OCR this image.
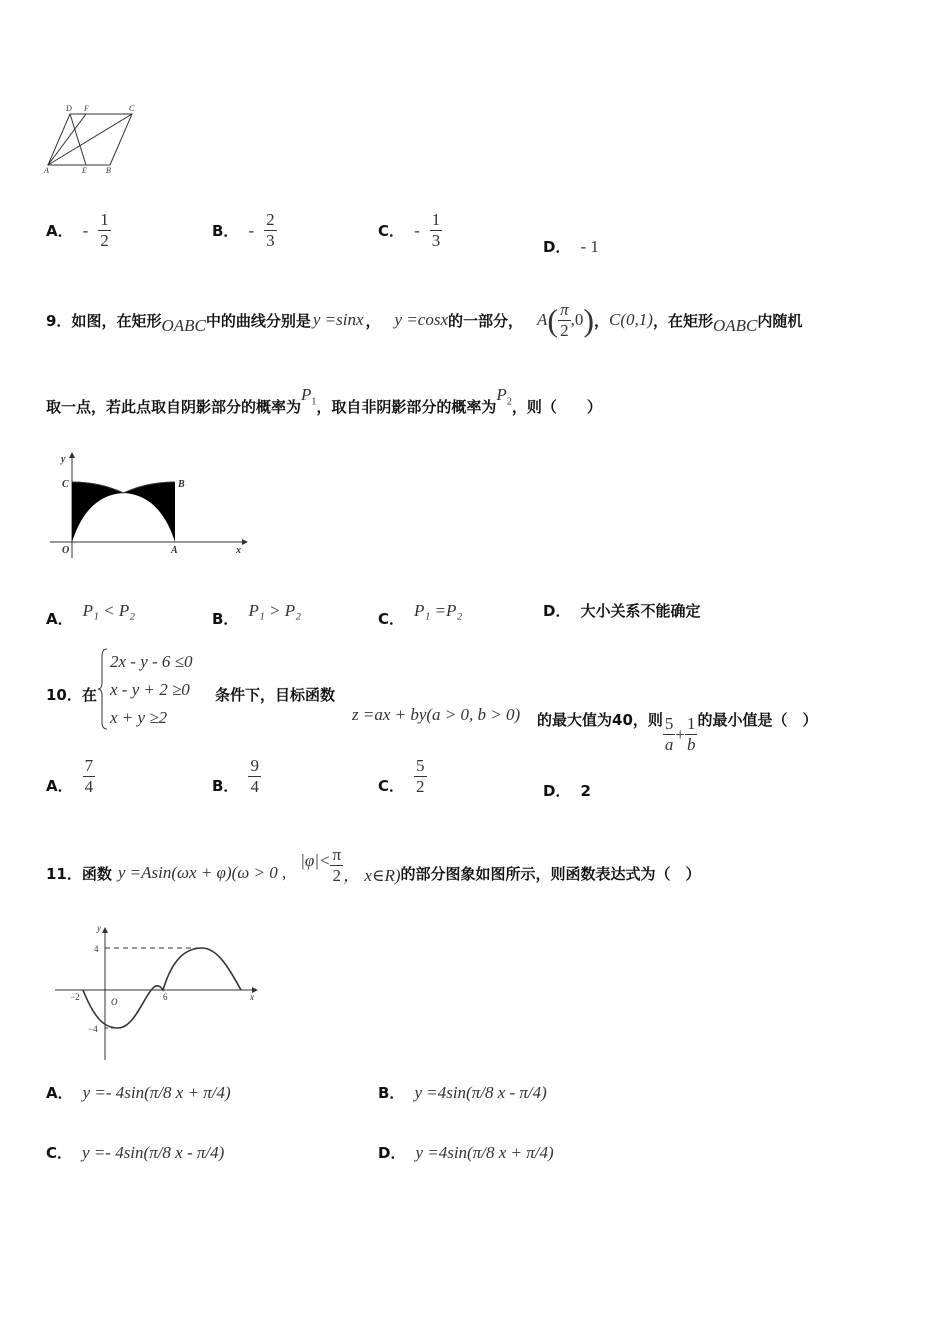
D F	C
A	E B
A． - $\frac{1}{2}$	B． - $\frac{2}{3}$	C． - $\frac{1}{3}$	D． - 1
9． 如图，在矩形 OABC 中的曲线分别是 y =sinx ， y =cosx 的一部分， A ( $\frac{\pi}{2} ,0$ ) ， C(0,1) ，在矩形 OABC 内随机
取一点，若此点取自阴影部分的概率为
$P_1$ ，取自非阴影部分的概率为
$P_2$ ，则（　　）
y
C	B
O	A	x
A． P₁ < P₂	B． P₁ > P₂	C． P₁ =P₂	D． 大小关系不能确定
10．在
2x - y - 6 ≤0
x - y + 2 ≥0
x + y ≥2
条件下，目标函数
z =ax + by(a > 0, b > 0) 的最大值为40，则 $\frac{5}{a} + \frac{1}{b}$ 的最小值是（　）
A． $\frac{7}{4}$	B． $\frac{9}{4}$	C． $\frac{5}{2}$	D． 2
11．函数 y =Asin(ωx + φ)(ω > 0 ,
$|\varphi|< \frac{\pi}{2}$ ， x∈R) 的部分图象如图所示，则函数表达式为（　）
y
4
−4
−2	O	6	x
A． y =- 4sin(π/8 x + π/4)	B． y =4sin(π/8 x - π/4)
C． y =- 4sin(π/8 x - π/4)	D． y =4sin(π/8 x + π/4)
